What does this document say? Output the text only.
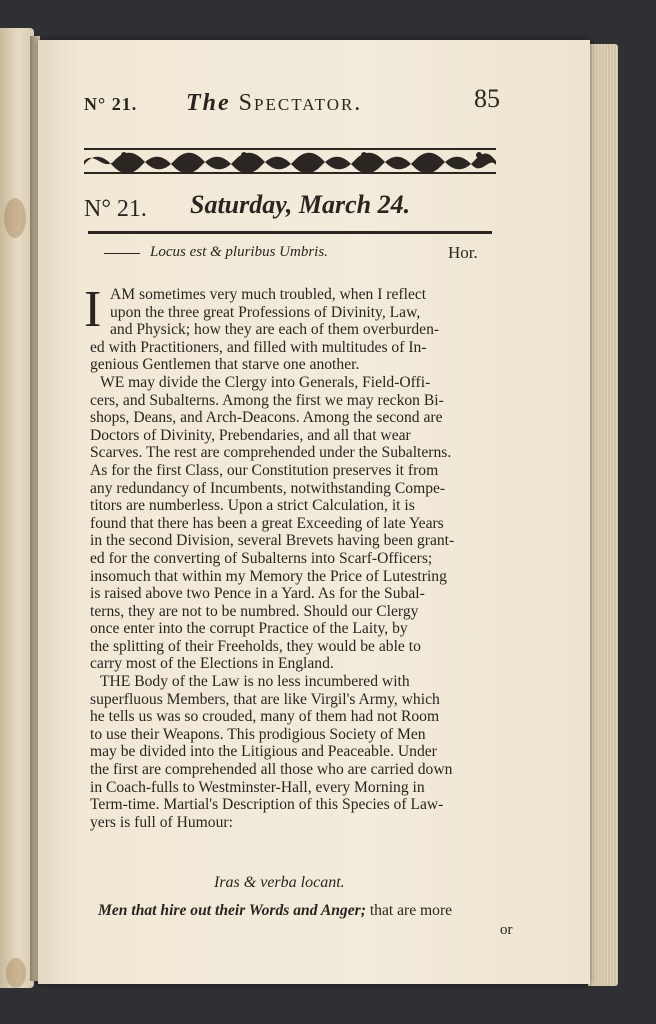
N° 21. The Spectator.	85
N° 21. Saturday, March 24.
Locus est & pluribus Umbris.	Hor.
I AM sometimes very much troubled, when I reflect

upon the three great Professions of Divinity, Law,

and Physick; how they are each of them overburden-

ed with Practitioners, and filled with multitudes of In-

genious Gentlemen that starve one another.

WE may divide the Clergy into Generals, Field-Offi-

cers, and Subalterns. Among the first we may reckon Bi-

shops, Deans, and Arch-Deacons. Among the second are

Doctors of Divinity, Prebendaries, and all that wear

Scarves. The rest are comprehended under the Subalterns.

As for the first Class, our Constitution preserves it from

any redundancy of Incumbents, notwithstanding Compe-

titors are numberless. Upon a strict Calculation, it is

found that there has been a great Exceeding of late Years

in the second Division, several Brevets having been grant-

ed for the converting of Subalterns into Scarf-Officers;

insomuch that within my Memory the Price of Lutestring

is raised above two Pence in a Yard. As for the Subal-

terns, they are not to be numbred. Should our Clergy

once enter into the corrupt Practice of the Laity, by

the splitting of their Freeholds, they would be able to

carry most of the Elections in England.

THE Body of the Law is no less incumbered with

superfluous Members, that are like Virgil's Army, which

he tells us was so crouded, many of them had not Room

to use their Weapons. This prodigious Society of Men

may be divided into the Litigious and Peaceable. Under

the first are comprehended all those who are carried down

in Coach-fulls to Westminster-Hall, every Morning in

Term-time. Martial's Description of this Species of Law-

yers is full of Humour:

Iras & verba locant.
Men that hire out their Words and Anger; that are more
or
